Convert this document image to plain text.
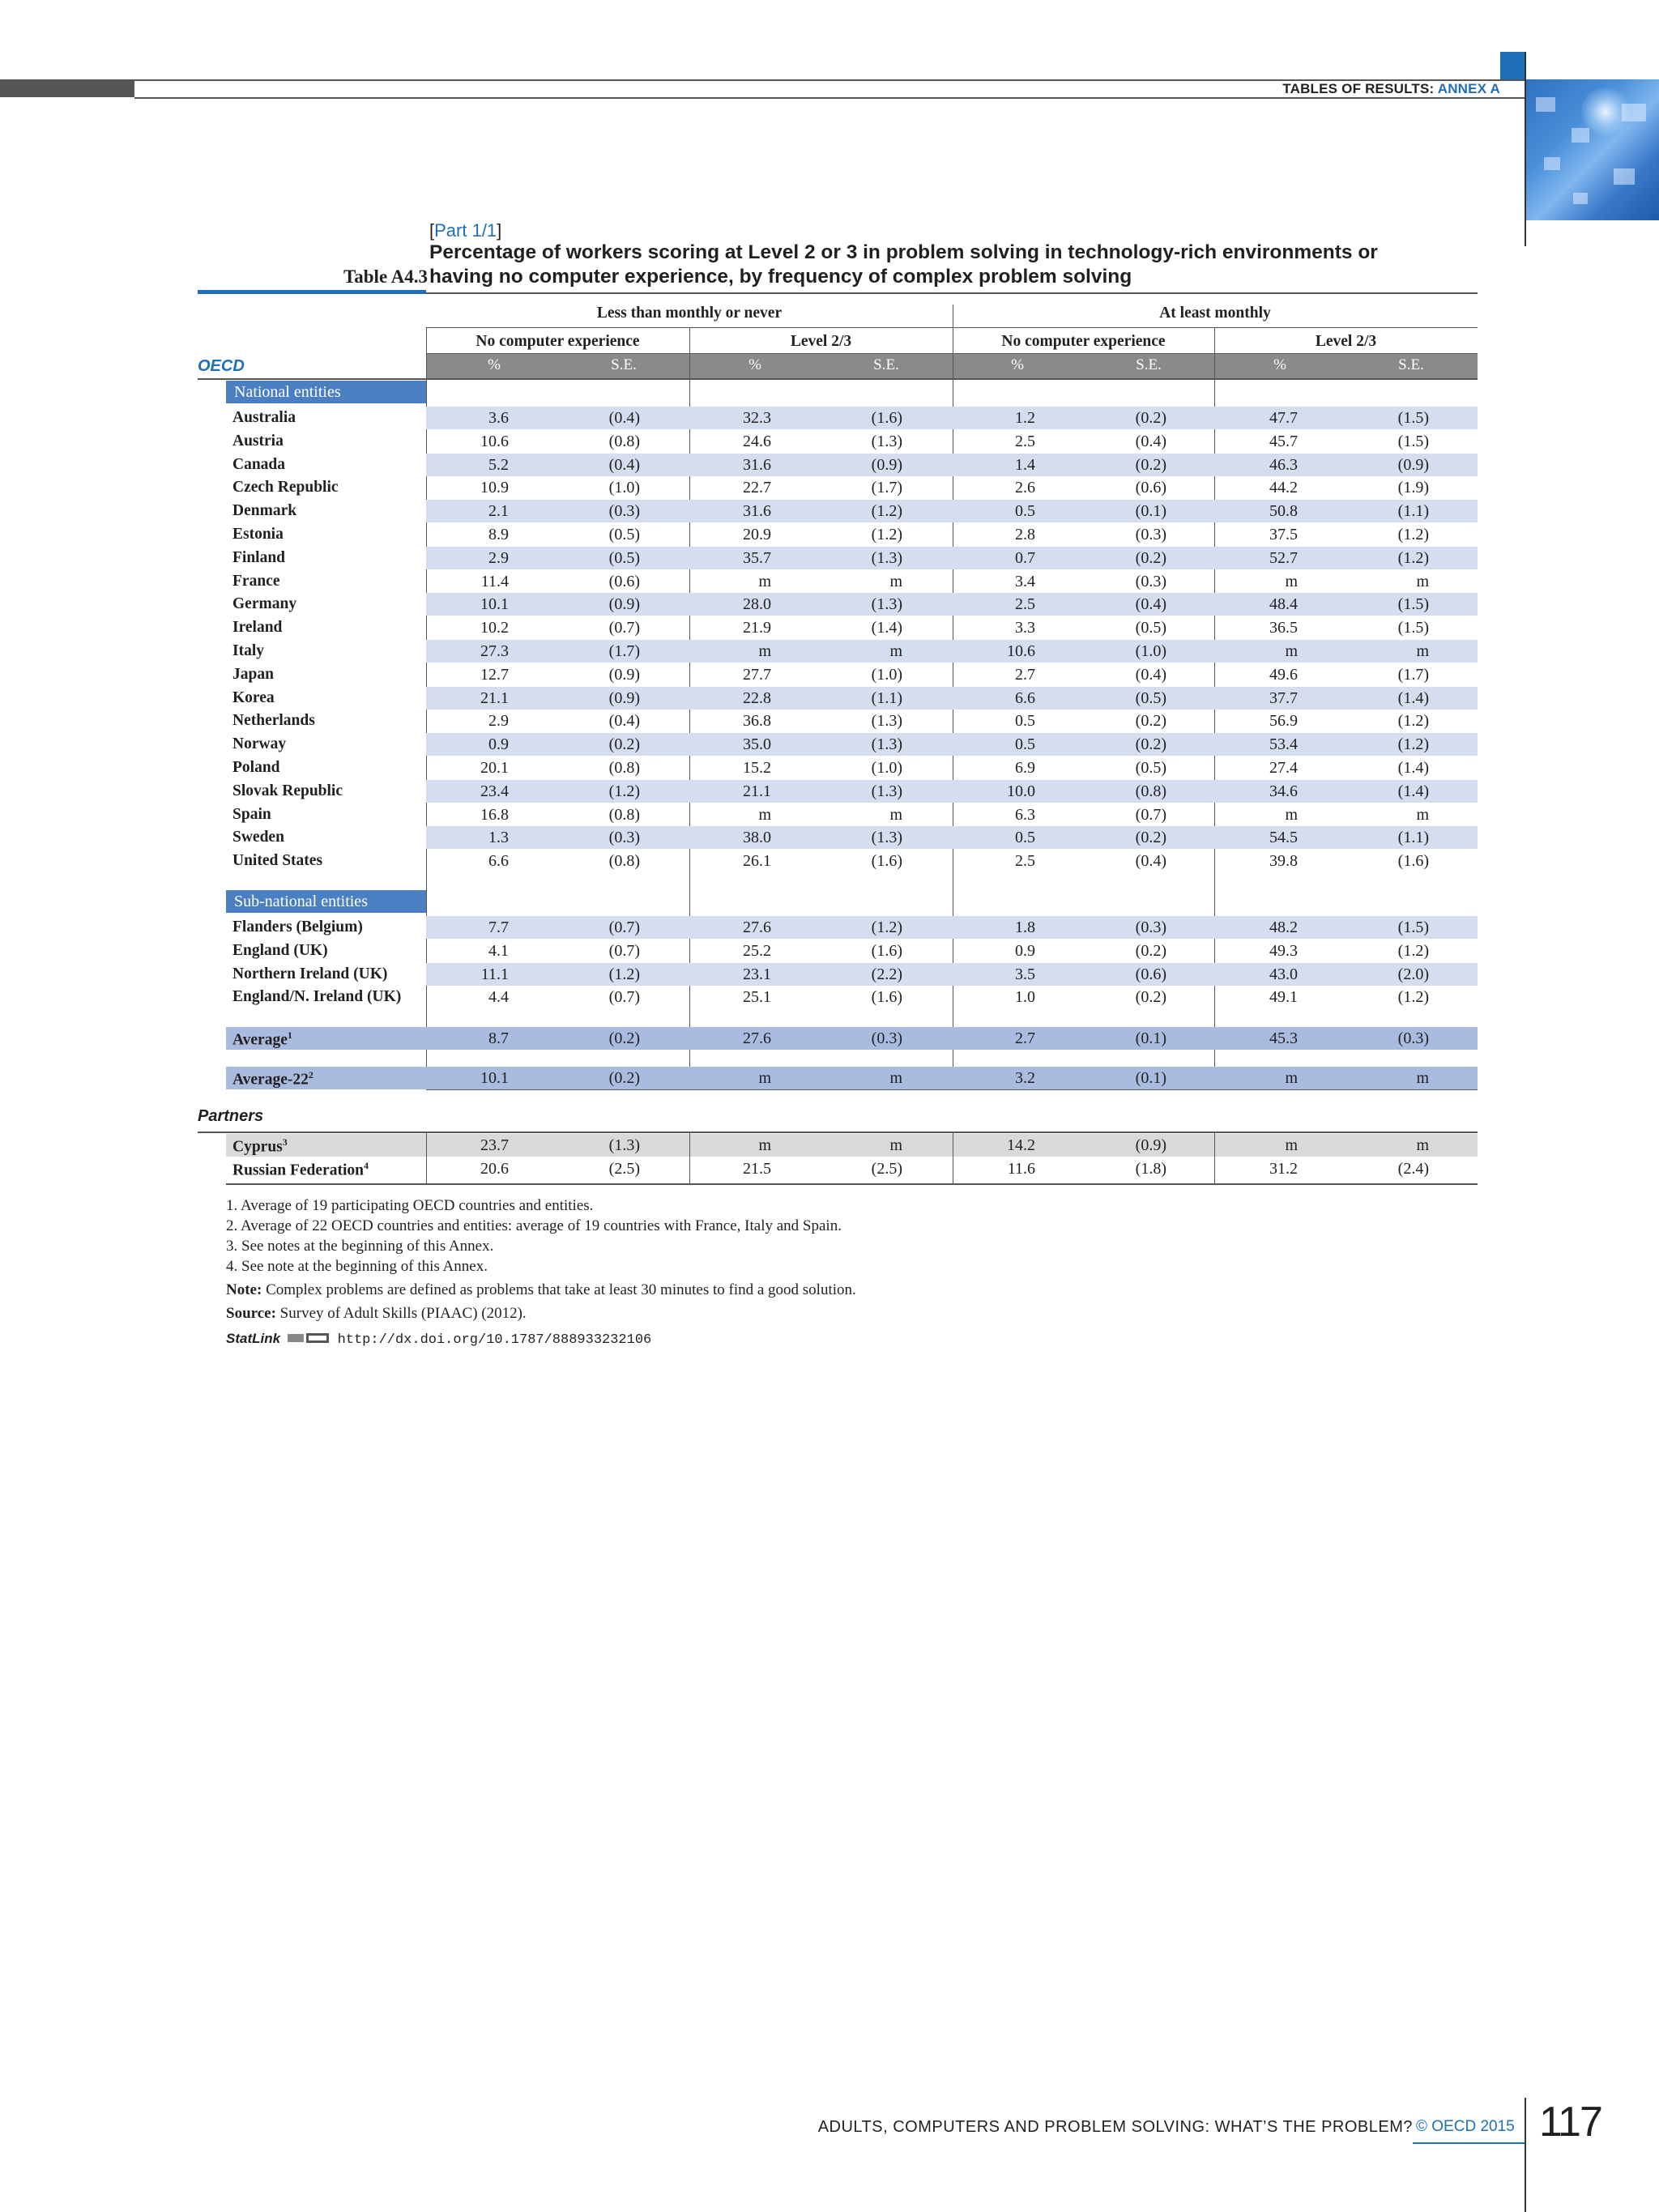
TABLES OF RESULTS: ANNEX A
[Part 1/1]
Percentage of workers scoring at Level 2 or 3 in problem solving in technology-rich environments or
having no computer experience, by frequency of complex problem solving
Table A4.3
Less than monthly or never	At least monthly
No computer experience	Level 2/3	No computer experience	Level 2/3
%	S.E.	%	S.E.	%	S.E.	%	S.E.
OECD
National entities
Australia	3.6	(0.4)	32.3	(1.6)	1.2	(0.2)	47.7	(1.5)
Austria	10.6	(0.8)	24.6	(1.3)	2.5	(0.4)	45.7	(1.5)
Canada	5.2	(0.4)	31.6	(0.9)	1.4	(0.2)	46.3	(0.9)
Czech Republic	10.9	(1.0)	22.7	(1.7)	2.6	(0.6)	44.2	(1.9)
Denmark	2.1	(0.3)	31.6	(1.2)	0.5	(0.1)	50.8	(1.1)
Estonia	8.9	(0.5)	20.9	(1.2)	2.8	(0.3)	37.5	(1.2)
Finland	2.9	(0.5)	35.7	(1.3)	0.7	(0.2)	52.7	(1.2)
France	11.4	(0.6)	m	m	3.4	(0.3)	m	m
Germany	10.1	(0.9)	28.0	(1.3)	2.5	(0.4)	48.4	(1.5)
Ireland	10.2	(0.7)	21.9	(1.4)	3.3	(0.5)	36.5	(1.5)
Italy	27.3	(1.7)	m	m	10.6	(1.0)	m	m
Japan	12.7	(0.9)	27.7	(1.0)	2.7	(0.4)	49.6	(1.7)
Korea	21.1	(0.9)	22.8	(1.1)	6.6	(0.5)	37.7	(1.4)
Netherlands	2.9	(0.4)	36.8	(1.3)	0.5	(0.2)	56.9	(1.2)
Norway	0.9	(0.2)	35.0	(1.3)	0.5	(0.2)	53.4	(1.2)
Poland	20.1	(0.8)	15.2	(1.0)	6.9	(0.5)	27.4	(1.4)
Slovak Republic	23.4	(1.2)	21.1	(1.3)	10.0	(0.8)	34.6	(1.4)
Spain	16.8	(0.8)	m	m	6.3	(0.7)	m	m
Sweden	1.3	(0.3)	38.0	(1.3)	0.5	(0.2)	54.5	(1.1)
United States	6.6	(0.8)	26.1	(1.6)	2.5	(0.4)	39.8	(1.6)
Sub-national entities
Flanders (Belgium)	7.7	(0.7)	27.6	(1.2)	1.8	(0.3)	48.2	(1.5)
England (UK)	4.1	(0.7)	25.2	(1.6)	0.9	(0.2)	49.3	(1.2)
Northern Ireland (UK)	11.1	(1.2)	23.1	(2.2)	3.5	(0.6)	43.0	(2.0)
England/N. Ireland (UK)	4.4	(0.7)	25.1	(1.6)	1.0	(0.2)	49.1	(1.2)
Average$^1$	8.7	(0.2)	27.6	(0.3)	2.7	(0.1)	45.3	(0.3)
Average-$22^2$	10.1	(0.2)	m	m	3.2	(0.1)	m	m
Partners
Cyprus$^3$	23.7	(1.3)	m	m	14.2	(0.9)	m	m
Russian Federation$^4$	20.6	(2.5)	21.5	(2.5)	11.6	(1.8)	31.2	(2.4)
1. Average of 19 participating OECD countries and entities.
2. Average of 22 OECD countries and entities: average of 19 countries with France, Italy and Spain.
3. See notes at the beginning of this Annex.
4. See note at the beginning of this Annex.
Note: Complex problems are defined as problems that take at least 30 minutes to find a good solution.
Source: Survey of Adult Skills (PIAAC) (2012).
StatLink	http://dx.doi.org/10.1787/888933232106
ADULTS, COMPUTERS AND PROBLEM SOLVING: WHAT’S THE PROBLEM? © OECD 2015 117
